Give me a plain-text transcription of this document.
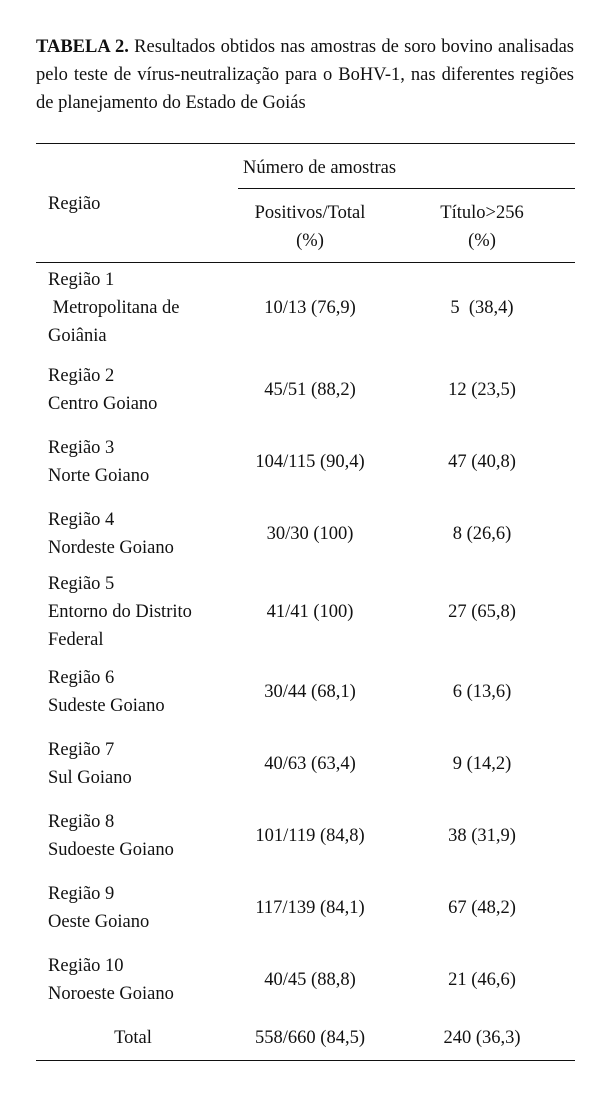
TABELA 2. Resultados obtidos nas amostras de soro bovino analisadas pelo teste de vírus-neutralização para o BoHV-1, nas diferentes regiões de planejamento do Estado de Goiás
Região
Número de amostras
Positivos/Total
(%)
Título>256
(%)
Região 1
Metropolitana de
Goiânia
10/13 (76,9)	5  (38,4)
Região 2
Centro Goiano
45/51 (88,2)	12 (23,5)
Região 3
Norte Goiano
104/115 (90,4)	47 (40,8)
Região 4
Nordeste Goiano
30/30 (100)	8 (26,6)
Região 5
Entorno do Distrito
Federal
41/41 (100)	27 (65,8)
Região 6
Sudeste Goiano
30/44 (68,1)	6 (13,6)
Região 7
Sul Goiano
40/63 (63,4)	9 (14,2)
Região 8
Sudoeste Goiano
101/119 (84,8)	38 (31,9)
Região 9
Oeste Goiano
117/139 (84,1)	67 (48,2)
Região 10
Noroeste Goiano
40/45 (88,8)	21 (46,6)
Total	558/660 (84,5)	240 (36,3)
